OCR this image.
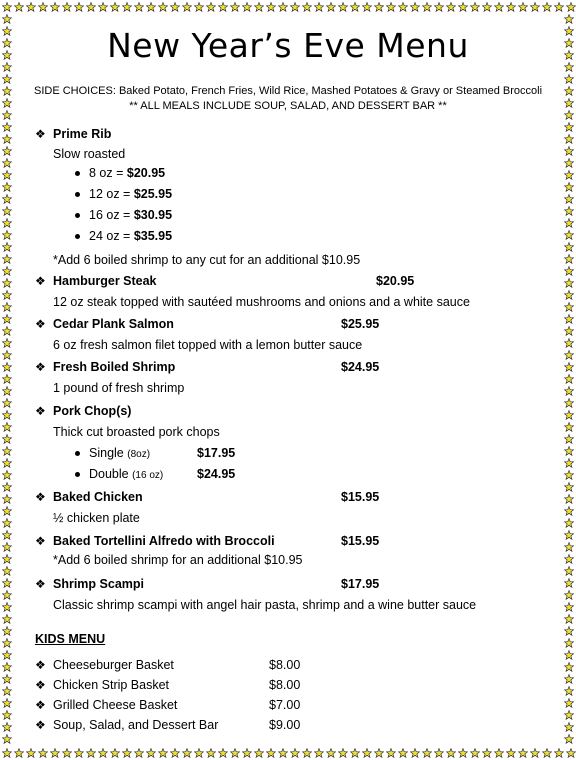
New Year’s Eve Menu
SIDE CHOICES: Baked Potato, French Fries, Wild Rice, Mashed Potatoes & Gravy or Steamed Broccoli
** ALL MEALS INCLUDE SOUP, SALAD, AND DESSERT BAR **
❖ Prime Rib
Slow roasted
8 oz = $20.95
12 oz = $25.95
16 oz = $30.95
24 oz = $35.95
*Add 6 boiled shrimp to any cut for an additional $10.95
❖ Hamburger Steak	$20.95
12 oz steak topped with sautéed mushrooms and onions and a white sauce
❖ Cedar Plank Salmon	$25.95
6 oz fresh salmon filet topped with a lemon butter sauce
❖ Fresh Boiled Shrimp	$24.95
1 pound of fresh shrimp
❖ Pork Chop(s)
Thick cut broasted pork chops
Single (8oz)	$17.95
Double (16 oz)	$24.95
❖ Baked Chicken	$15.95
½ chicken plate
❖ Baked Tortellini Alfredo with Broccoli	$15.95
*Add 6 boiled shrimp for an additional $10.95
❖ Shrimp Scampi	$17.95
Classic shrimp scampi with angel hair pasta, shrimp and a wine butter sauce
KIDS MENU
❖ Cheeseburger Basket	$8.00
❖ Chicken Strip Basket	$8.00
❖ Grilled Cheese Basket	$7.00
❖ Soup, Salad, and Dessert Bar	$9.00
